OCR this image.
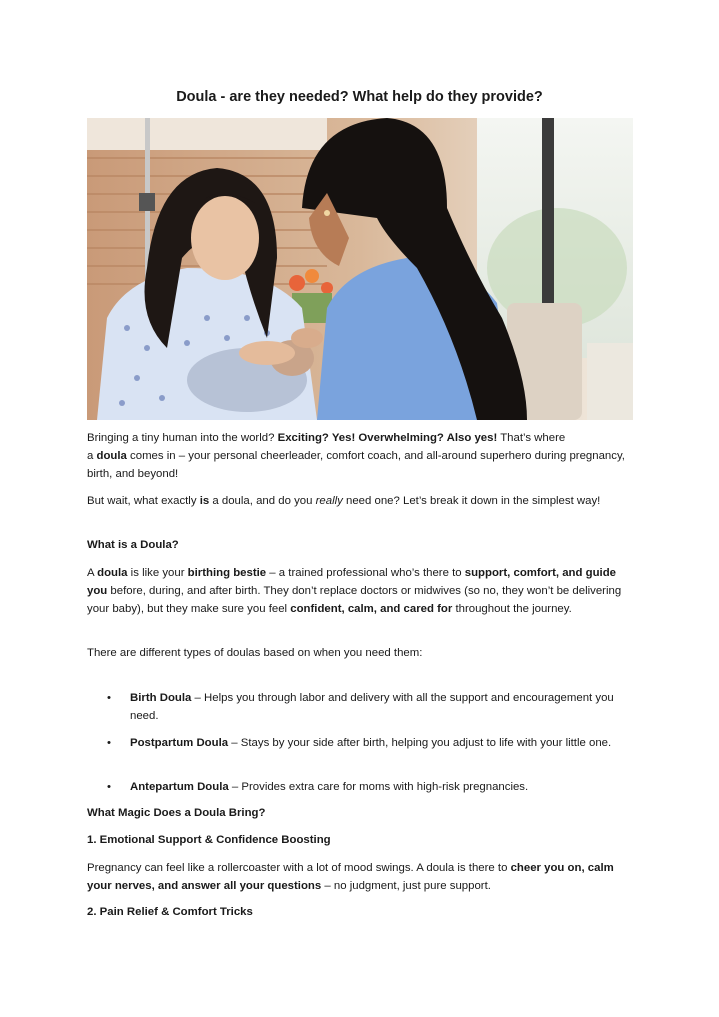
Doula - are they needed? What help do they provide?
Bringing a tiny human into the world? Exciting? Yes! Overwhelming? Also yes! That’s where
a doula comes in – your personal cheerleader, comfort coach, and all-around superhero during pregnancy, birth, and beyond!
But wait, what exactly is a doula, and do you really need one? Let’s break it down in the simplest way!
What is a Doula?
A doula is like your birthing bestie – a trained professional who’s there to support, comfort, and guide you before, during, and after birth. They don’t replace doctors or midwives (so no, they won’t be delivering your baby), but they make sure you feel confident, calm, and cared for throughout the journey.
There are different types of doulas based on when you need them:
• Birth Doula – Helps you through labor and delivery with all the support and encouragement you need.
• Postpartum Doula – Stays by your side after birth, helping you adjust to life with your little one.
• Antepartum Doula – Provides extra care for moms with high-risk pregnancies.
What Magic Does a Doula Bring?
1. Emotional Support & Confidence Boosting
Pregnancy can feel like a rollercoaster with a lot of mood swings. A doula is there to cheer you on, calm your nerves, and answer all your questions – no judgment, just pure support.
2. Pain Relief & Comfort Tricks
